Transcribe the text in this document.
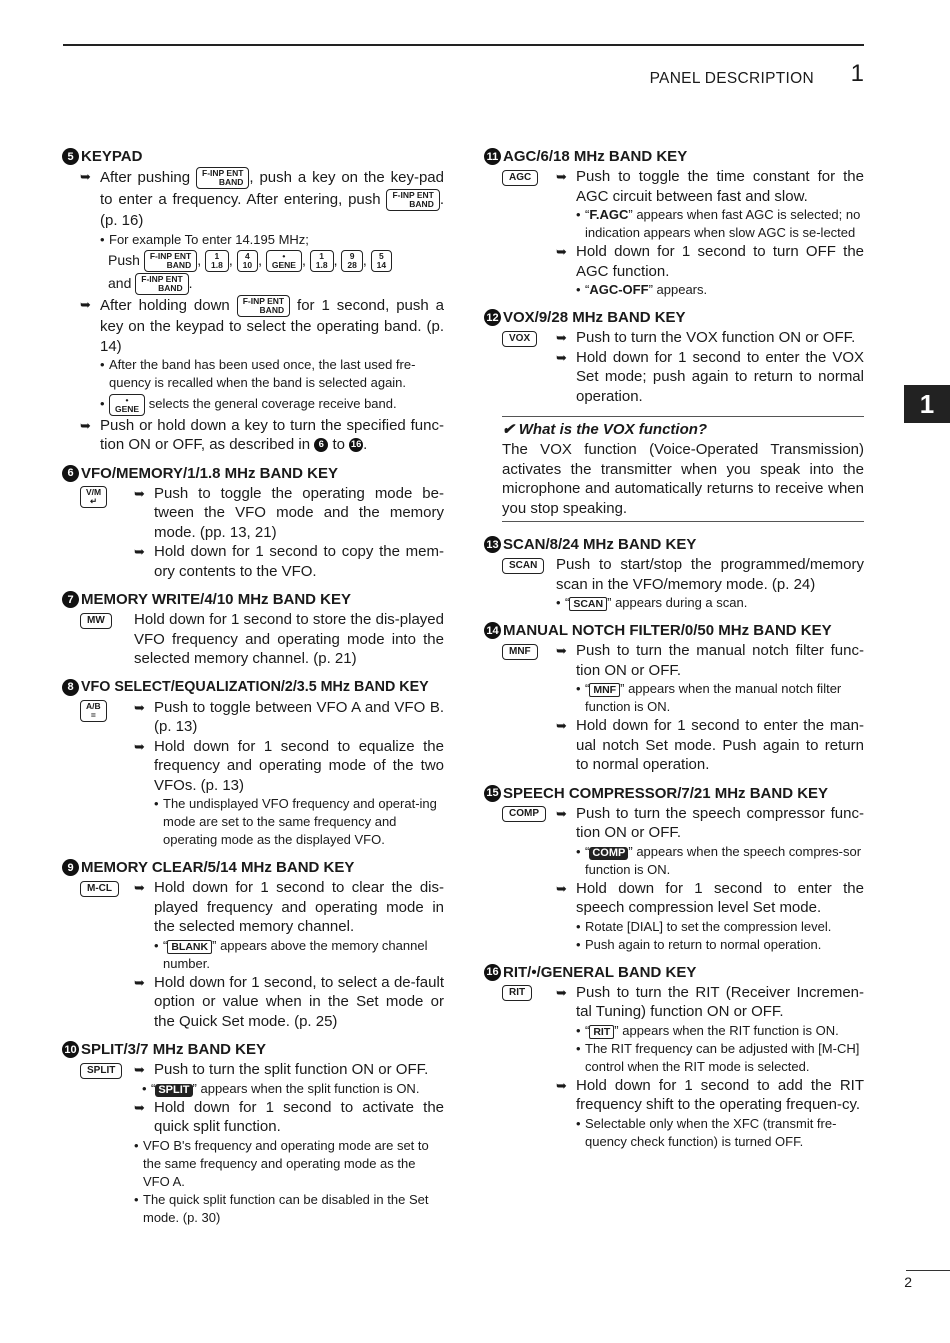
PANEL DESCRIPTION 1
1
5 KEYPAD
➥ After pushing F-INP ENT
BAND , push a key on the key-pad to enter a frequency. After entering, push F-INP ENT
BAND . (p. 16)
• For example To enter 14.195 MHz;
Push F-INP ENT
BAND ,	1
1.8 , 4
10 ,	•
GENE ,	1
1.8 , 9
28 , 5
14

and F-INP ENT
BAND .
➥ After holding down F-INP ENT
BAND for 1 second, push a key on the keypad to select the operating band. (p. 14)
• After the band has been used once, the last used fre-quency is recalled when the band is selected again.
•	•
GENE selects the general coverage receive band.
➥ Push or hold down a key to turn the specified func-tion ON or OFF, as described in 6 to 16 .
6 VFO/MEMORY/1/1.8 MHz BAND KEY
V/M
↵	➥ Push to toggle the operating mode be-tween the VFO mode and the memory mode. (pp. 13, 21)
➥ Hold down for 1 second to copy the mem-ory contents to the VFO.
7 MEMORY WRITE/4/10 MHz BAND KEY
MW	Hold down for 1 second to store the dis-played VFO frequency and operating mode into the selected memory channel. (p. 21)
8 VFO SELECT/EQUALIZATION/2/3.5 MHz BAND KEY
A/B
=	➥ Push to toggle between VFO A and VFO B. (p. 13)
➥ Hold down for 1 second to equalize the frequency and operating mode of the two VFOs. (p. 13)
• The undisplayed VFO frequency and operat-ing mode are set to the same frequency and operating mode as the displayed VFO.
9 MEMORY CLEAR/5/14 MHz BAND KEY
M-CL	➥ Hold down for 1 second to clear the dis-played frequency and operating mode in the selected memory channel.
• “ BLANK ” appears above the memory channel number.
➥ Hold down for 1 second, to select a de-fault option or value when in the Set mode or the Quick Set mode. (p. 25)
10 SPLIT/3/7 MHz BAND KEY
SPLIT	➥ Push to turn the split function ON or OFF.
• “ SPLIT ” appears when the split function is ON.
➥ Hold down for 1 second to activate the quick split function.
• VFO B's frequency and operating mode are set to the same frequency and operating mode as the VFO A.
• The quick split function can be disabled in the Set mode. (p. 30)
11 AGC/6/18 MHz BAND KEY
AGC	➥ Push to toggle the time constant for the AGC circuit between fast and slow.
• “F.AGC” appears when fast AGC is selected; no indication appears when slow AGC is se-lected
➥ Hold down for 1 second to turn OFF the AGC function.
• “AGC-OFF” appears.
12 VOX/9/28 MHz BAND KEY
VOX	➥ Push to turn the VOX function ON or OFF.
➥ Hold down for 1 second to enter the VOX Set mode; push again to return to normal operation.
✔ What is the VOX function?
The VOX function (Voice-Operated Transmission) activates the transmitter when you speak into the microphone and automatically returns to receive when you stop speaking.
13 SCAN/8/24 MHz BAND KEY
SCAN	Push to start/stop the programmed/memory scan in the VFO/memory mode. (p. 24)
• “ SCAN ” appears during a scan.
14 MANUAL NOTCH FILTER/0/50 MHz BAND KEY
MNF	➥ Push to turn the manual notch filter func-tion ON or OFF.
• “ MNF ” appears when the manual notch filter function is ON.
➥ Hold down for 1 second to enter the man-ual notch Set mode. Push again to return to normal operation.
15 SPEECH COMPRESSOR/7/21 MHz BAND KEY
COMP	➥ Push to turn the speech compressor func-tion ON or OFF.
• “ COMP ” appears when the speech compres-sor function is ON.
➥ Hold down for 1 second to enter the speech compression level Set mode.
• Rotate [DIAL] to set the compression level.
• Push again to return to normal operation.
16 RIT/•/GENERAL BAND KEY
RIT	➥ Push to turn the RIT (Receiver Incremen-tal Tuning) function ON or OFF.
• “ RIT ” appears when the RIT function is ON.
• The RIT frequency can be adjusted with [M-CH] control when the RIT mode is selected.
➥ Hold down for 1 second to add the RIT frequency shift to the operating frequen-cy.
• Selectable only when the XFC (transmit fre-quency check function) is turned OFF.
2
